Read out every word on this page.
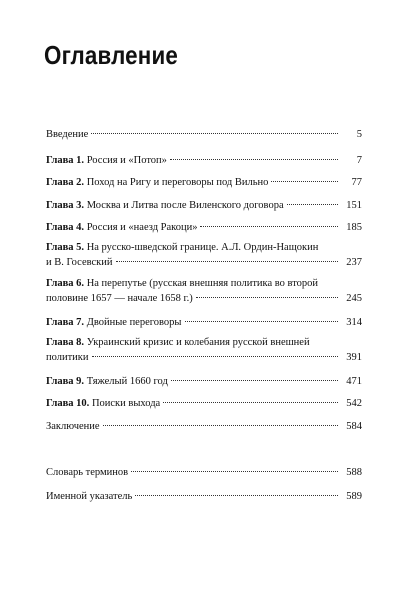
Оглавление
Введение	5
Глава 1. Россия и «Потоп»	7
Глава 2. Поход на Ригу и переговоры под Вильно	77
Глава 3. Москва и Литва после Виленского договора	151
Глава 4. Россия и «наезд Ракоци»	185
Глава 5. На русско-шведской границе. А.Л. Ордин-Нащокин
и В. Госевский	237
Глава 6. На перепутье (русская внешняя политика во второй
половине 1657 — начале 1658 г.)	245
Глава 7. Двойные переговоры	314
Глава 8. Украинский кризис и колебания русской внешней
политики	391
Глава 9. Тяжелый 1660 год	471
Глава 10. Поиски выхода	542
Заключение	584
Словарь терминов	588
Именной указатель	589
